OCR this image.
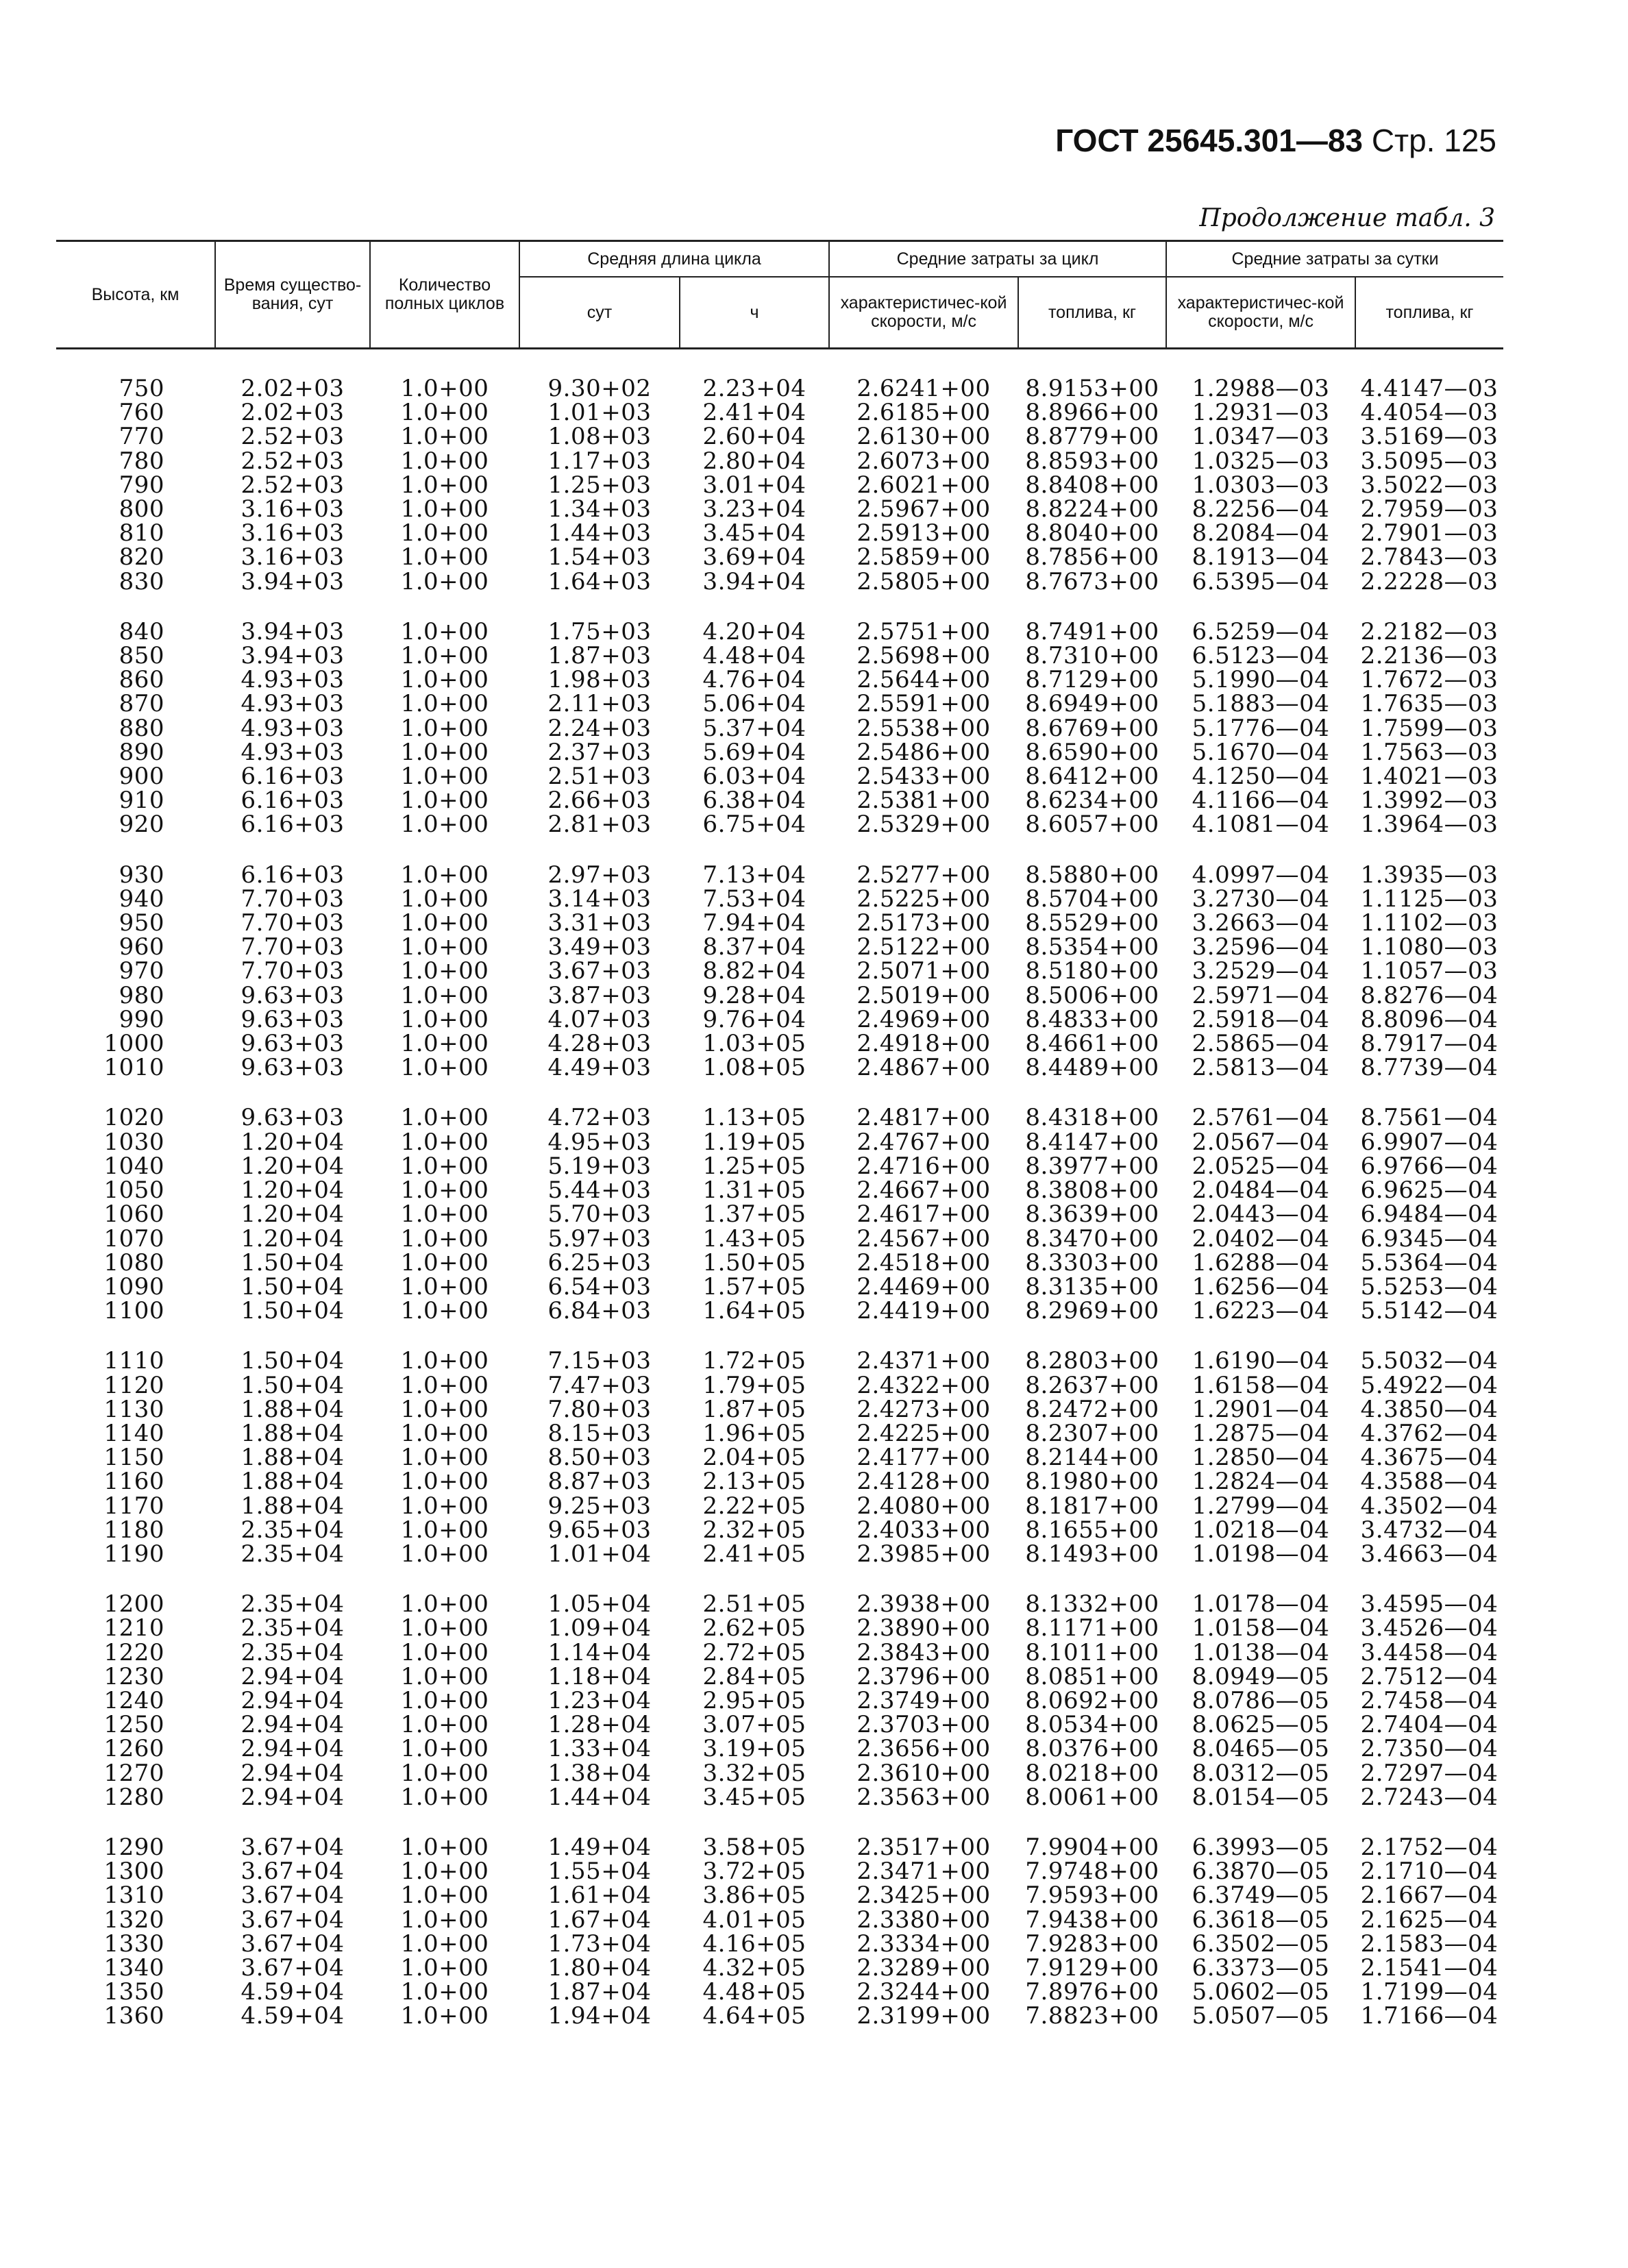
ГОСТ 25645.301—83 Стр. 125
Продолжение табл. 3
Высота, км	Время существо-вания, сут	Количество полных циклов	Средняя длина цикла		Средние затраты за цикл		Средние затраты за сутки	
			сут	ч	характеристичес-кой скорости, м/с	топлива, кг	характеристичес-кой скорости, м/с	топлива, кг

750	2.02+03	1.0+00	9.30+02	2.23+04	2.6241+00	8.9153+00	1.2988—03	4.4147—03
760	2.02+03	1.0+00	1.01+03	2.41+04	2.6185+00	8.8966+00	1.2931—03	4.4054—03
770	2.52+03	1.0+00	1.08+03	2.60+04	2.6130+00	8.8779+00	1.0347—03	3.5169—03
780	2.52+03	1.0+00	1.17+03	2.80+04	2.6073+00	8.8593+00	1.0325—03	3.5095—03
790	2.52+03	1.0+00	1.25+03	3.01+04	2.6021+00	8.8408+00	1.0303—03	3.5022—03
800	3.16+03	1.0+00	1.34+03	3.23+04	2.5967+00	8.8224+00	8.2256—04	2.7959—03
810	3.16+03	1.0+00	1.44+03	3.45+04	2.5913+00	8.8040+00	8.2084—04	2.7901—03
820	3.16+03	1.0+00	1.54+03	3.69+04	2.5859+00	8.7856+00	8.1913—04	2.7843—03
830	3.94+03	1.0+00	1.64+03	3.94+04	2.5805+00	8.7673+00	6.5395—04	2.2228—03

840	3.94+03	1.0+00	1.75+03	4.20+04	2.5751+00	8.7491+00	6.5259—04	2.2182—03
850	3.94+03	1.0+00	1.87+03	4.48+04	2.5698+00	8.7310+00	6.5123—04	2.2136—03
860	4.93+03	1.0+00	1.98+03	4.76+04	2.5644+00	8.7129+00	5.1990—04	1.7672—03
870	4.93+03	1.0+00	2.11+03	5.06+04	2.5591+00	8.6949+00	5.1883—04	1.7635—03
880	4.93+03	1.0+00	2.24+03	5.37+04	2.5538+00	8.6769+00	5.1776—04	1.7599—03
890	4.93+03	1.0+00	2.37+03	5.69+04	2.5486+00	8.6590+00	5.1670—04	1.7563—03
900	6.16+03	1.0+00	2.51+03	6.03+04	2.5433+00	8.6412+00	4.1250—04	1.4021—03
910	6.16+03	1.0+00	2.66+03	6.38+04	2.5381+00	8.6234+00	4.1166—04	1.3992—03
920	6.16+03	1.0+00	2.81+03	6.75+04	2.5329+00	8.6057+00	4.1081—04	1.3964—03

930	6.16+03	1.0+00	2.97+03	7.13+04	2.5277+00	8.5880+00	4.0997—04	1.3935—03
940	7.70+03	1.0+00	3.14+03	7.53+04	2.5225+00	8.5704+00	3.2730—04	1.1125—03
950	7.70+03	1.0+00	3.31+03	7.94+04	2.5173+00	8.5529+00	3.2663—04	1.1102—03
960	7.70+03	1.0+00	3.49+03	8.37+04	2.5122+00	8.5354+00	3.2596—04	1.1080—03
970	7.70+03	1.0+00	3.67+03	8.82+04	2.5071+00	8.5180+00	3.2529—04	1.1057—03
980	9.63+03	1.0+00	3.87+03	9.28+04	2.5019+00	8.5006+00	2.5971—04	8.8276—04
990	9.63+03	1.0+00	4.07+03	9.76+04	2.4969+00	8.4833+00	2.5918—04	8.8096—04
1000	9.63+03	1.0+00	4.28+03	1.03+05	2.4918+00	8.4661+00	2.5865—04	8.7917—04
1010	9.63+03	1.0+00	4.49+03	1.08+05	2.4867+00	8.4489+00	2.5813—04	8.7739—04

1020	9.63+03	1.0+00	4.72+03	1.13+05	2.4817+00	8.4318+00	2.5761—04	8.7561—04
1030	1.20+04	1.0+00	4.95+03	1.19+05	2.4767+00	8.4147+00	2.0567—04	6.9907—04
1040	1.20+04	1.0+00	5.19+03	1.25+05	2.4716+00	8.3977+00	2.0525—04	6.9766—04
1050	1.20+04	1.0+00	5.44+03	1.31+05	2.4667+00	8.3808+00	2.0484—04	6.9625—04
1060	1.20+04	1.0+00	5.70+03	1.37+05	2.4617+00	8.3639+00	2.0443—04	6.9484—04
1070	1.20+04	1.0+00	5.97+03	1.43+05	2.4567+00	8.3470+00	2.0402—04	6.9345—04
1080	1.50+04	1.0+00	6.25+03	1.50+05	2.4518+00	8.3303+00	1.6288—04	5.5364—04
1090	1.50+04	1.0+00	6.54+03	1.57+05	2.4469+00	8.3135+00	1.6256—04	5.5253—04
1100	1.50+04	1.0+00	6.84+03	1.64+05	2.4419+00	8.2969+00	1.6223—04	5.5142—04

1110	1.50+04	1.0+00	7.15+03	1.72+05	2.4371+00	8.2803+00	1.6190—04	5.5032—04
1120	1.50+04	1.0+00	7.47+03	1.79+05	2.4322+00	8.2637+00	1.6158—04	5.4922—04
1130	1.88+04	1.0+00	7.80+03	1.87+05	2.4273+00	8.2472+00	1.2901—04	4.3850—04
1140	1.88+04	1.0+00	8.15+03	1.96+05	2.4225+00	8.2307+00	1.2875—04	4.3762—04
1150	1.88+04	1.0+00	8.50+03	2.04+05	2.4177+00	8.2144+00	1.2850—04	4.3675—04
1160	1.88+04	1.0+00	8.87+03	2.13+05	2.4128+00	8.1980+00	1.2824—04	4.3588—04
1170	1.88+04	1.0+00	9.25+03	2.22+05	2.4080+00	8.1817+00	1.2799—04	4.3502—04
1180	2.35+04	1.0+00	9.65+03	2.32+05	2.4033+00	8.1655+00	1.0218—04	3.4732—04
1190	2.35+04	1.0+00	1.01+04	2.41+05	2.3985+00	8.1493+00	1.0198—04	3.4663—04

1200	2.35+04	1.0+00	1.05+04	2.51+05	2.3938+00	8.1332+00	1.0178—04	3.4595—04
1210	2.35+04	1.0+00	1.09+04	2.62+05	2.3890+00	8.1171+00	1.0158—04	3.4526—04
1220	2.35+04	1.0+00	1.14+04	2.72+05	2.3843+00	8.1011+00	1.0138—04	3.4458—04
1230	2.94+04	1.0+00	1.18+04	2.84+05	2.3796+00	8.0851+00	8.0949—05	2.7512—04
1240	2.94+04	1.0+00	1.23+04	2.95+05	2.3749+00	8.0692+00	8.0786—05	2.7458—04
1250	2.94+04	1.0+00	1.28+04	3.07+05	2.3703+00	8.0534+00	8.0625—05	2.7404—04
1260	2.94+04	1.0+00	1.33+04	3.19+05	2.3656+00	8.0376+00	8.0465—05	2.7350—04
1270	2.94+04	1.0+00	1.38+04	3.32+05	2.3610+00	8.0218+00	8.0312—05	2.7297—04
1280	2.94+04	1.0+00	1.44+04	3.45+05	2.3563+00	8.0061+00	8.0154—05	2.7243—04

1290	3.67+04	1.0+00	1.49+04	3.58+05	2.3517+00	7.9904+00	6.3993—05	2.1752—04
1300	3.67+04	1.0+00	1.55+04	3.72+05	2.3471+00	7.9748+00	6.3870—05	2.1710—04
1310	3.67+04	1.0+00	1.61+04	3.86+05	2.3425+00	7.9593+00	6.3749—05	2.1667—04
1320	3.67+04	1.0+00	1.67+04	4.01+05	2.3380+00	7.9438+00	6.3618—05	2.1625—04
1330	3.67+04	1.0+00	1.73+04	4.16+05	2.3334+00	7.9283+00	6.3502—05	2.1583—04
1340	3.67+04	1.0+00	1.80+04	4.32+05	2.3289+00	7.9129+00	6.3373—05	2.1541—04
1350	4.59+04	1.0+00	1.87+04	4.48+05	2.3244+00	7.8976+00	5.0602—05	1.7199—04
1360	4.59+04	1.0+00	1.94+04	4.64+05	2.3199+00	7.8823+00	5.0507—05	1.7166—04
